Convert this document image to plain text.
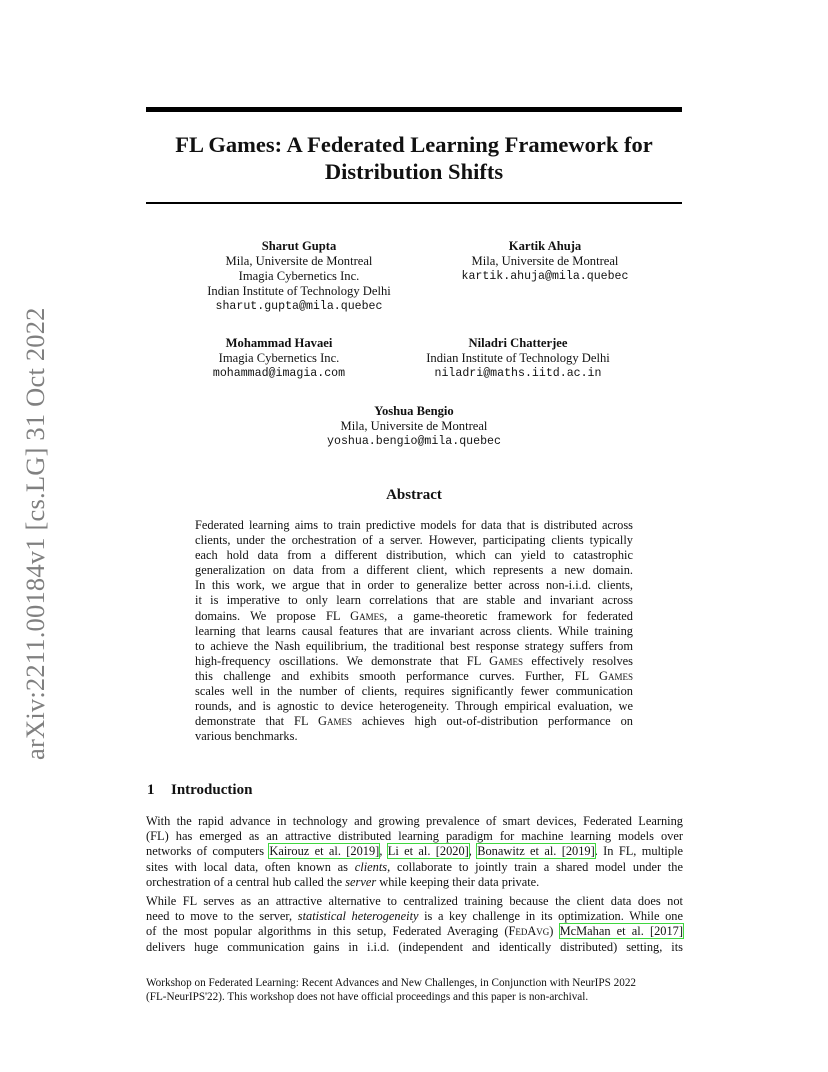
arXiv:2211.00184v1 [cs.LG] 31 Oct 2022
FL Games: A Federated Learning Framework for
Distribution Shifts
Sharut Gupta
Mila, Universite de Montreal
Imagia Cybernetics Inc.
Indian Institute of Technology Delhi
sharut.gupta@mila.quebec
Kartik Ahuja
Mila, Universite de Montreal
kartik.ahuja@mila.quebec
Mohammad Havaei
Imagia Cybernetics Inc.
mohammad@imagia.com
Niladri Chatterjee
Indian Institute of Technology Delhi
niladri@maths.iitd.ac.in
Yoshua Bengio
Mila, Universite de Montreal
yoshua.bengio@mila.quebec
Abstract
Federated learning aims to train predictive models for data that is distributed across
clients, under the orchestration of a server. However, participating clients typically
each hold data from a different distribution, which can yield to catastrophic
generalization on data from a different client, which represents a new domain.
In this work, we argue that in order to generalize better across non-i.i.d. clients,
it is imperative to only learn correlations that are stable and invariant across
domains. We propose FL Games, a game-theoretic framework for federated
learning that learns causal features that are invariant across clients. While training
to achieve the Nash equilibrium, the traditional best response strategy suffers from
high-frequency oscillations. We demonstrate that FL Games effectively resolves
this challenge and exhibits smooth performance curves. Further, FL Games
scales well in the number of clients, requires significantly fewer communication
rounds, and is agnostic to device heterogeneity. Through empirical evaluation, we
demonstrate that FL Games achieves high out-of-distribution performance on
various benchmarks.
1 Introduction
With the rapid advance in technology and growing prevalence of smart devices, Federated Learning
(FL) has emerged as an attractive distributed learning paradigm for machine learning models over
networks of computers Kairouz et al. [2019], Li et al. [2020], Bonawitz et al. [2019]. In FL, multiple
sites with local data, often known as clients, collaborate to jointly train a shared model under the
orchestration of a central hub called the server while keeping their data private.
While FL serves as an attractive alternative to centralized training because the client data does not
need to move to the server, statistical heterogeneity is a key challenge in its optimization. While one
of the most popular algorithms in this setup, Federated Averaging (FedAvg) McMahan et al. [2017]
delivers huge communication gains in i.i.d. (independent and identically distributed) setting, its
Workshop on Federated Learning: Recent Advances and New Challenges, in Conjunction with NeurIPS 2022
(FL-NeurIPS'22). This workshop does not have official proceedings and this paper is non-archival.
